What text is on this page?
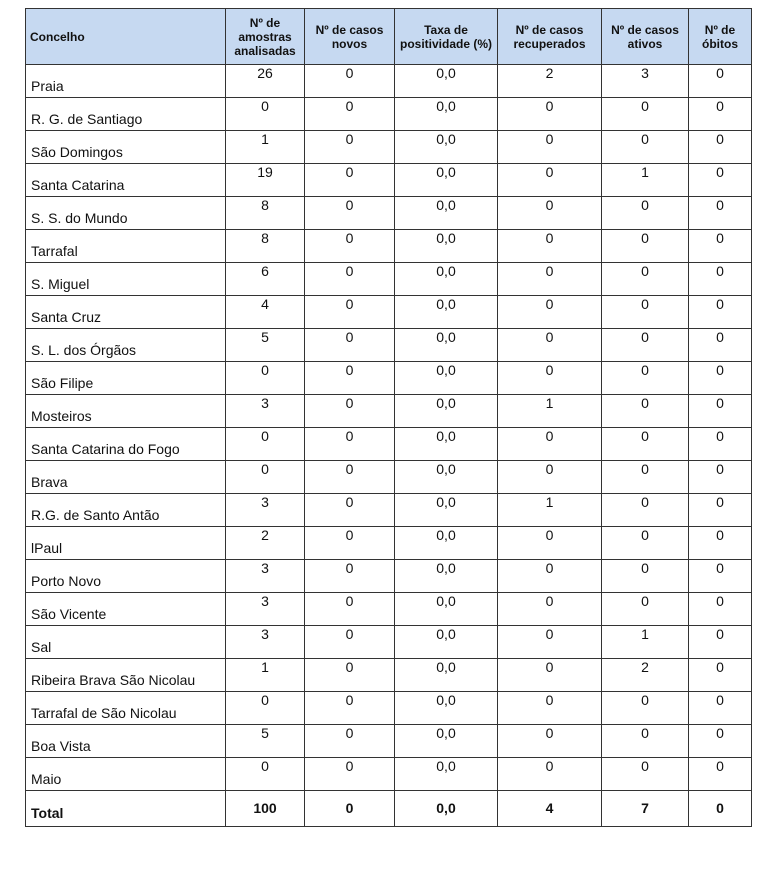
Concelho	Nº de amostras analisadas	Nº de casos novos	Taxa de positividade (%)	Nº de casos recuperados	Nº de casos ativos	Nº de óbitos
Praia	26	0	0,0	2	3	0
R. G. de Santiago	0	0	0,0	0	0	0
São Domingos	1	0	0,0	0	0	0
Santa Catarina	19	0	0,0	0	1	0
S. S. do Mundo	8	0	0,0	0	0	0
Tarrafal	8	0	0,0	0	0	0
S. Miguel	6	0	0,0	0	0	0
Santa Cruz	4	0	0,0	0	0	0
S. L. dos Órgãos	5	0	0,0	0	0	0
São Filipe	0	0	0,0	0	0	0
Mosteiros	3	0	0,0	1	0	0
Santa Catarina do Fogo	0	0	0,0	0	0	0
Brava	0	0	0,0	0	0	0
R.G. de Santo Antão	3	0	0,0	1	0	0
lPaul	2	0	0,0	0	0	0
Porto Novo	3	0	0,0	0	0	0
São Vicente	3	0	0,0	0	0	0
Sal	3	0	0,0	0	1	0
Ribeira Brava São Nicolau	1	0	0,0	0	2	0
Tarrafal de São Nicolau	0	0	0,0	0	0	0
Boa Vista	5	0	0,0	0	0	0
Maio	0	0	0,0	0	0	0
Total	100	0	0,0	4	7	0
